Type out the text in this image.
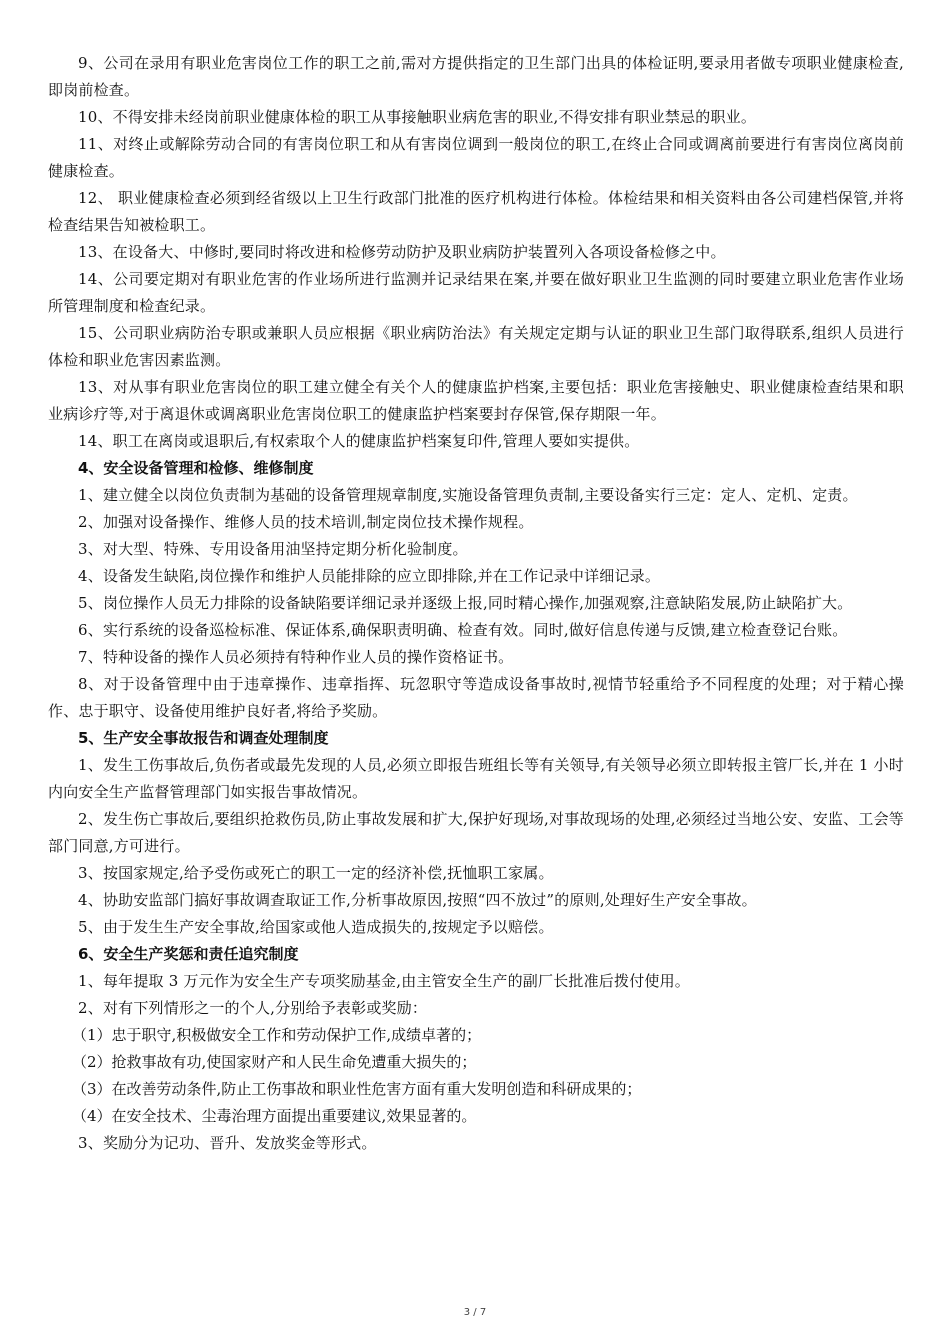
9、公司在录用有职业危害岗位工作的职工之前,需对方提供指定的卫生部门出具的体检证明,要录用者做专项职业健康检查,即岗前检查。

10、不得安排未经岗前职业健康体检的职工从事接触职业病危害的职业,不得安排有职业禁忌的职业。

11、对终止或解除劳动合同的有害岗位职工和从有害岗位调到一般岗位的职工,在终止合同或调离前要进行有害岗位离岗前健康检查。

12、 职业健康检查必须到经省级以上卫生行政部门批准的医疗机构进行体检。体检结果和相关资料由各公司建档保管,并将检查结果告知被检职工。

13、在设备大、中修时,要同时将改进和检修劳动防护及职业病防护装置列入各项设备检修之中。

14、公司要定期对有职业危害的作业场所进行监测并记录结果在案,并要在做好职业卫生监测的同时要建立职业危害作业场所管理制度和检查纪录。

15、公司职业病防治专职或兼职人员应根据《职业病防治法》有关规定定期与认证的职业卫生部门取得联系,组织人员进行体检和职业危害因素监测。

13、对从事有职业危害岗位的职工建立健全有关个人的健康监护档案,主要包括：职业危害接触史、职业健康检查结果和职业病诊疗等,对于离退休或调离职业危害岗位职工的健康监护档案要封存保管,保存期限一年。

14、职工在离岗或退职后,有权索取个人的健康监护档案复印件,管理人要如实提供。

4、安全设备管理和检修、维修制度

1、建立健全以岗位负责制为基础的设备管理规章制度,实施设备管理负责制,主要设备实行三定：定人、定机、定责。

2、加强对设备操作、维修人员的技术培训,制定岗位技术操作规程。

3、对大型、特殊、专用设备用油坚持定期分析化验制度。

4、设备发生缺陷,岗位操作和维护人员能排除的应立即排除,并在工作记录中详细记录。

5、岗位操作人员无力排除的设备缺陷要详细记录并逐级上报,同时精心操作,加强观察,注意缺陷发展,防止缺陷扩大。

6、实行系统的设备巡检标准、保证体系,确保职责明确、检查有效。同时,做好信息传递与反馈,建立检查登记台账。

7、特种设备的操作人员必须持有特种作业人员的操作资格证书。

8、对于设备管理中由于违章操作、违章指挥、玩忽职守等造成设备事故时,视情节轻重给予不同程度的处理；对于精心操作、忠于职守、设备使用维护良好者,将给予奖励。

5、生产安全事故报告和调查处理制度

1、发生工伤事故后,负伤者或最先发现的人员,必须立即报告班组长等有关领导,有关领导必须立即转报主管厂长,并在 1 小时内向安全生产监督管理部门如实报告事故情况。

2、发生伤亡事故后,要组织抢救伤员,防止事故发展和扩大,保护好现场,对事故现场的处理,必须经过当地公安、安监、工会等部门同意,方可进行。

3、按国家规定,给予受伤或死亡的职工一定的经济补偿,抚恤职工家属。

4、协助安监部门搞好事故调查取证工作,分析事故原因,按照“四不放过”的原则,处理好生产安全事故。

5、由于发生生产安全事故,给国家或他人造成损失的,按规定予以赔偿。

6、安全生产奖惩和责任追究制度

1、每年提取 3 万元作为安全生产专项奖励基金,由主管安全生产的副厂长批准后拨付使用。

2、对有下列情形之一的个人,分别给予表彰或奖励：

（1）忠于职守,积极做安全工作和劳动保护工作,成绩卓著的；

（2）抢救事故有功,使国家财产和人民生命免遭重大损失的；

（3）在改善劳动条件,防止工伤事故和职业性危害方面有重大发明创造和科研成果的；

（4）在安全技术、尘毒治理方面提出重要建议,效果显著的。

3、奖励分为记功、晋升、发放奖金等形式。

3 / 7
